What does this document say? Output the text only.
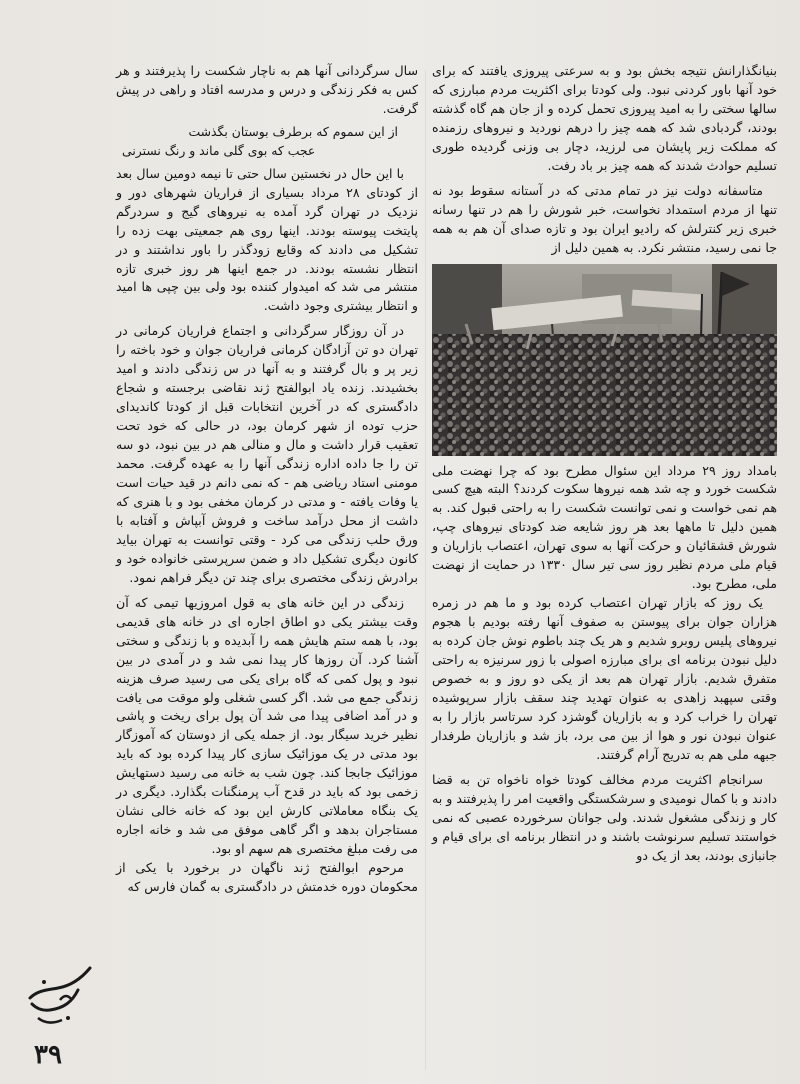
بنیانگذارانش نتیجه بخش بود و به سرعتی پیروزی یافتند که برای خود آنها باور کردنی نبود. ولی کودتا برای اکثریت مردم مبارزی که سالها سختی را به امید پیروزی تحمل کرده و از جان هم گاه گذشته بودند، گردبادی شد که همه چیز را درهم نوردید و نیروهای رزمنده که مملکت زیر پایشان می لرزید، دچار بی وزنی گردیده طوری تسلیم حوادث شدند که همه چیز بر باد رفت.

متاسفانه دولت نیز در تمام مدتی که در آستانه سقوط بود نه تنها از مردم استمداد نخواست، خبر شورش را هم در تنها رسانه خبری زیر کنترلش که رادیو ایران بود و تازه صدای آن هم به همه جا نمی رسید، منتشر نکرد. به همین دلیل از

بامداد روز ۲۹ مرداد این سئوال مطرح بود که چرا نهضت ملی شکست خورد و چه شد همه نیروها سکوت کردند؟ البته هیچ کسی هم نمی خواست و نمی توانست شکست را به راحتی قبول کند. به همین دلیل تا ماهها بعد هر روز شایعه ضد کودتای نیروهای چپ، شورش قشقائیان و حرکت آنها به سوی تهران، اعتصاب بازاریان و قیام ملی مردم نظیر روز سی تیر سال ۱۳۳۰ در حمایت از نهضت ملی، مطرح بود.

یک روز که بازار تهران اعتصاب کرده بود و ما هم در زمره هزاران جوان برای پیوستن به صفوف آنها رفته بودیم با هجوم نیروهای پلیس روبرو شدیم و هر یک چند باطوم نوش جان کرده به دلیل نبودن برنامه ای برای مبارزه اصولی با زور سرنیزه به راحتی متفرق شدیم. بازار تهران هم بعد از یکی دو روز و به خصوص وقتی سپهبد زاهدی به عنوان تهدید چند سقف بازار سرپوشیده تهران را خراب کرد و به بازاریان گوشزد کرد سرتاسر بازار را به عنوان نبودن نور و هوا از بین می برد، باز شد و بازاریان طرفدار جبهه ملی هم به تدریج آرام گرفتند.

سرانجام اکثریت مردم مخالف کودتا خواه ناخواه تن به قضا دادند و با کمال نومیدی و سرشکستگی واقعیت امر را پذیرفتند و به کار و زندگی مشغول شدند. ولی جوانان سرخورده عصبی که نمی خواستند تسلیم سرنوشت باشند و در انتظار برنامه ای برای قیام و جانبازی بودند، بعد از یک دو

سال سرگردانی آنها هم به ناچار شکست را پذیرفتند و هر کس به فکر زندگی و درس و مدرسه افتاد و راهی در پیش گرفت.

از این سموم که برطرف بوستان بگذشت
عجب که بوی گلی ماند و رنگ نسترنی

با این حال در نخستین سال حتی تا نیمه دومین سال بعد از کودتای ۲۸ مرداد بسیاری از فراریان شهرهای دور و نزدیک در تهران گرد آمده به نیروهای گیج و سردرگم پایتخت پیوسته بودند. اینها روی هم جمعیتی بهت زده را تشکیل می دادند که وقایع زودگذر را باور نداشتند و در انتظار نشسته بودند. در جمع اینها هر روز خبری تازه منتشر می شد که امیدوار کننده بود ولی بین چپی ها امید و انتظار بیشتری وجود داشت.

در آن روزگار سرگردانی و اجتماع فراریان کرمانی در تهران دو تن آزادگان کرمانی فراریان جوان و خود باخته را زیر پر و بال گرفتند و به آنها در س زندگی دادند و امید بخشیدند. زنده یاد ابوالفتح ژند نقاضی برجسته و شجاع دادگستری که در آخرین انتخابات قبل از کودتا کاندیدای حزب توده از شهر کرمان بود، در حالی که خود تحت تعقیب قرار داشت و مال و منالی هم در بین نبود، دو سه تن را جا داده اداره زندگی آنها را به عهده گرفت. محمد مومنی استاد ریاضی هم - که نمی دانم در قید حیات است یا وفات یافته - و مدتی در کرمان مخفی بود و با هنری که داشت از محل درآمد ساخت و فروش آبپاش و آفتابه با ورق حلب زندگی می کرد - وقتی توانست به تهران بیاید کانون دیگری تشکیل داد و ضمن سرپرستی خانواده خود و برادرش زندگی مختصری برای چند تن دیگر فراهم نمود.

زندگی در این خانه های به قول امروزیها تیمی که آن وقت بیشتر یکی دو اطاق اجاره ای در خانه های قدیمی بود، با همه ستم هایش همه را آبدیده و با زندگی و سختی آشنا کرد. آن روزها کار پیدا نمی شد و در آمدی در بین نبود و پول کمی که گاه برای یکی می رسید صرف هزینه زندگی جمع می شد. اگر کسی شغلی ولو موقت می یافت و در آمد اضافی پیدا می شد آن پول برای ریخت و پاشی نظیر خرید سیگار بود. از جمله یکی از دوستان که آموزگار بود مدتی در یک موزائیک سازی کار پیدا کرده بود که باید موزائیک جابجا کند. چون شب به خانه می رسید دستهایش زخمی بود که باید در قدح آب پرمنگنات بگذارد. دیگری در یک بنگاه معاملاتی کارش این بود که خانه خالی نشان مستاجران بدهد و اگر گاهی موفق می شد و خانه اجاره می رفت مبلغ مختصری هم سهم او بود.

مرحوم ابوالفتح ژند ناگهان در برخورد با یکی از محکومان دوره خدمتش در دادگستری به گمان فارس که

۳۹
